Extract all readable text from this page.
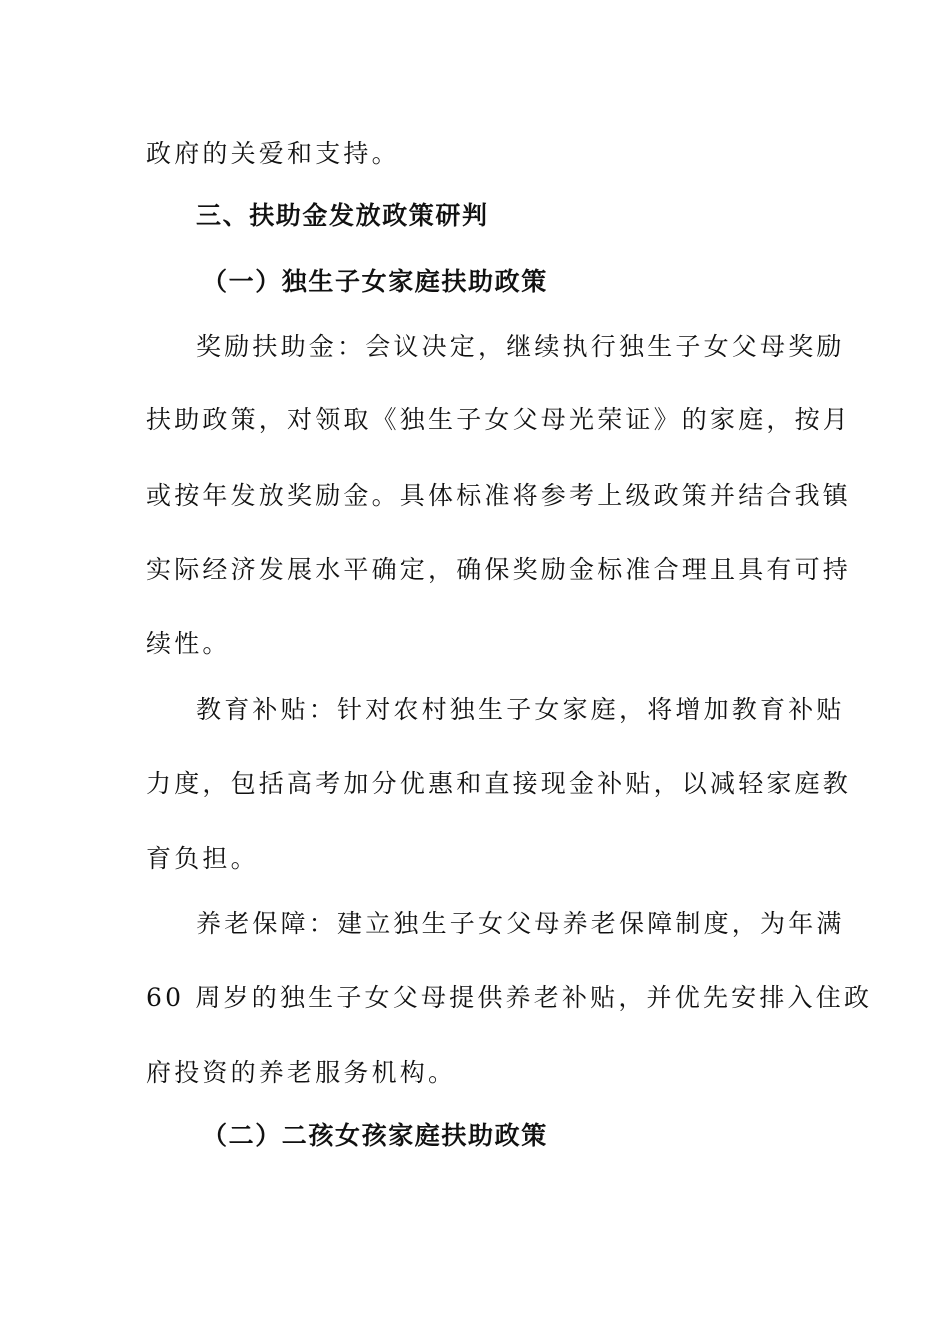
政府的关爱和支持。
三、扶助金发放政策研判
（一）独生子女家庭扶助政策
奖励扶助金：会议决定，继续执行独生子女父母奖励
扶助政策，对领取《独生子女父母光荣证》的家庭，按月
或按年发放奖励金。具体标准将参考上级政策并结合我镇
实际经济发展水平确定，确保奖励金标准合理且具有可持
续性。
教育补贴：针对农村独生子女家庭，将增加教育补贴
力度，包括高考加分优惠和直接现金补贴，以减轻家庭教
育负担。
养老保障：建立独生子女父母养老保障制度，为年满
60 周岁的独生子女父母提供养老补贴，并优先安排入住政
府投资的养老服务机构。
（二）二孩女孩家庭扶助政策
